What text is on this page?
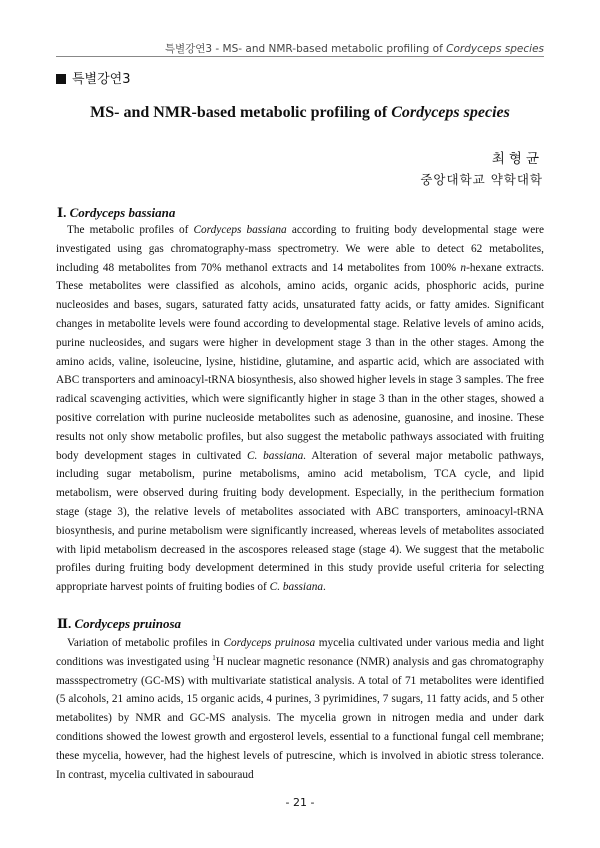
특별강연3 - MS- and NMR-based metabolic profiling of Cordyceps species
특별강연3
MS- and NMR-based metabolic profiling of Cordyceps species
최형균
중앙대학교 약학대학
Ⅰ. Cordyceps bassiana

The metabolic profiles of Cordyceps bassiana according to fruiting body developmental stage were investigated using gas chromatography-mass spectrometry. We were able to detect 62 metabolites, including 48 metabolites from 70% methanol extracts and 14 metabolites from 100% n-hexane extracts. These metabolites were classified as alcohols, amino acids, organic acids, phosphoric acids, purine nucleosides and bases, sugars, saturated fatty acids, unsaturated fatty acids, or fatty amides. Significant changes in metabolite levels were found according to developmental stage. Relative levels of amino acids, purine nucleosides, and sugars were higher in development stage 3 than in the other stages. Among the amino acids, valine, isoleucine, lysine, histidine, glutamine, and aspartic acid, which are associated with ABC transporters and aminoacyl-tRNA biosynthesis, also showed higher levels in stage 3 samples. The free radical scavenging activities, which were significantly higher in stage 3 than in the other stages, showed a positive correlation with purine nucleoside metabolites such as adenosine, guanosine, and inosine. These results not only show metabolic profiles, but also suggest the metabolic pathways associated with fruiting body development stages in cultivated C. bassiana. Alteration of several major metabolic pathways, including sugar metabolism, purine metabolisms, amino acid metabolism, TCA cycle, and lipid metabolism, were observed during fruiting body development. Especially, in the perithecium formation stage (stage 3), the relative levels of metabolites associated with ABC transporters, aminoacyl-tRNA biosynthesis, and purine metabolism were significantly increased, whereas levels of metabolites associated with lipid metabolism decreased in the ascospores released stage (stage 4). We suggest that the metabolic profiles during fruiting body development determined in this study provide useful criteria for selecting appropriate harvest points of fruiting bodies of C. bassiana.

Ⅱ. Cordyceps pruinosa

Variation of metabolic profiles in Cordyceps pruinosa mycelia cultivated under various media and light conditions was investigated using $^1$H nuclear magnetic resonance (NMR) analysis and gas chromatography massspectrometry (GC-MS) with multivariate statistical analysis. A total of 71 metabolites were identified (5 alcohols, 21 amino acids, 15 organic acids, 4 purines, 3 pyrimidines, 7 sugars, 11 fatty acids, and 5 other metabolites) by NMR and GC-MS analysis. The mycelia grown in nitrogen media and under dark conditions showed the lowest growth and ergosterol levels, essential to a functional fungal cell membrane; these mycelia, however, had the highest levels of putrescine, which is involved in abiotic stress tolerance. In contrast, mycelia cultivated in sabouraud

- 21 -
